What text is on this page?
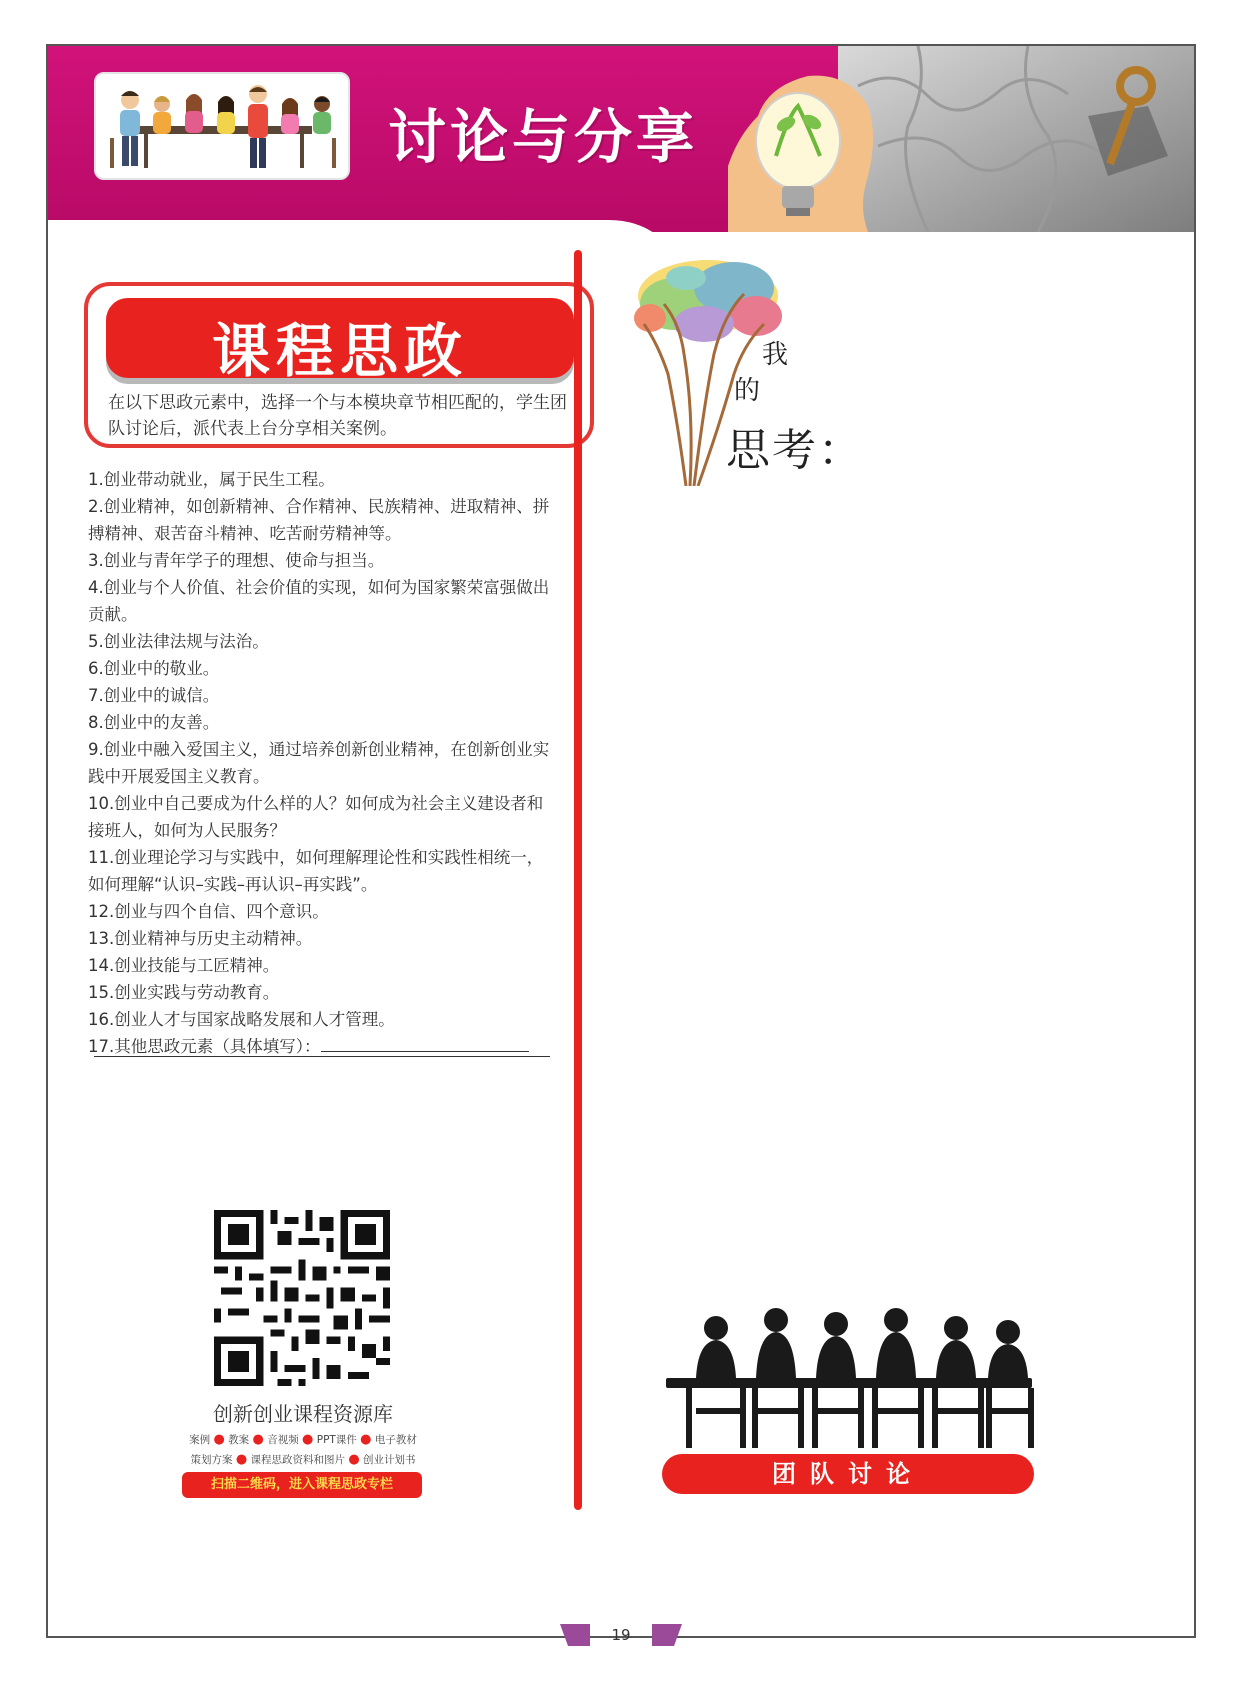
讨论与分享
课程思政
在以下思政元素中，选择一个与本模块章节相匹配的，学生团队讨论后，派代表上台分享相关案例。
1.创业带动就业，属于民生工程。
2.创业精神，如创新精神、合作精神、民族精神、进取精神、拼搏精神、艰苦奋斗精神、吃苦耐劳精神等。
3.创业与青年学子的理想、使命与担当。
4.创业与个人价值、社会价值的实现，如何为国家繁荣富强做出贡献。
5.创业法律法规与法治。
6.创业中的敬业。
7.创业中的诚信。
8.创业中的友善。
9.创业中融入爱国主义，通过培养创新创业精神，在创新创业实践中开展爱国主义教育。
10.创业中自己要成为什么样的人？如何成为社会主义建设者和接班人，如何为人民服务？
11.创业理论学习与实践中，如何理解理论性和实践性相统一，如何理解“认识–实践–再认识–再实践”。
12.创业与四个自信、四个意识。
13.创业精神与历史主动精神。
14.创业技能与工匠精神。
15.创业实践与劳动教育。
16.创业人才与国家战略发展和人才管理。
17.其他思政元素（具体填写）：
创新创业课程资源库
案例 ● 教案 ● 音视频 ● PPT课件 ● 电子教材
策划方案 ● 课程思政资料和图片 ● 创业计划书
扫描二维码，进入课程思政专栏
我
的
思考：
团队讨论
19
